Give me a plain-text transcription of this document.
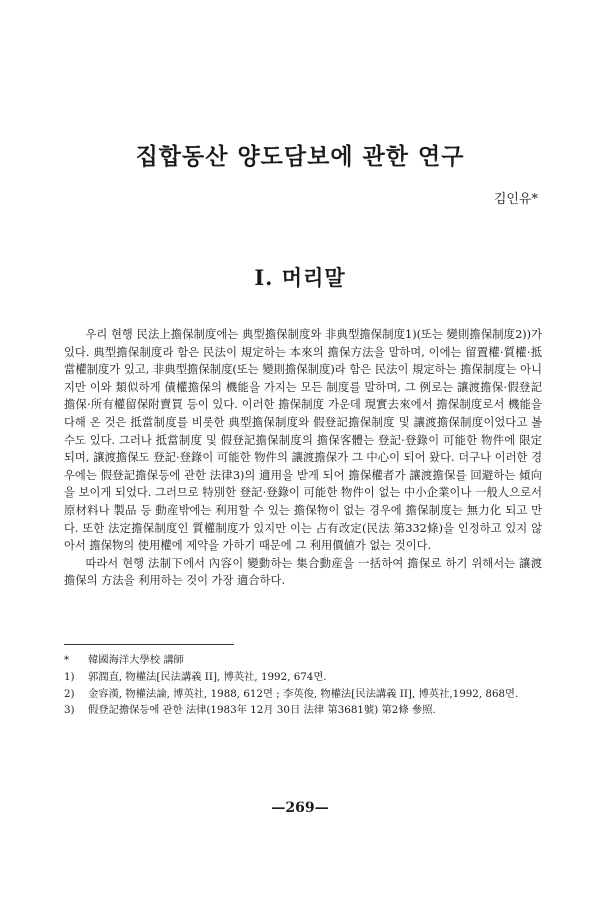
집합동산 양도담보에 관한 연구
김인유*
I. 머리말

우리 현행 民法上擔保制度에는 典型擔保制度와 非典型擔保制度1)(또는 變則擔保制度2))가 있다. 典型擔保制度라 함은 民法이 規定하는 本來의 擔保方法을 말하며, 이에는 留置權·質權·抵當權制度가 있고, 非典型擔保制度(또는 變則擔保制度)라 함은 民法이 規定하는 擔保制度는 아니지만 이와 類似하게 債權擔保의 機能을 가지는 모든 制度를 말하며, 그 例로는 讓渡擔保·假登記擔保·所有權留保附賣買 등이 있다. 이러한 擔保制度 가운데 現實去來에서 擔保制度로서 機能을 다해 온 것은 抵當制度를 비롯한 典型擔保制度와 假登記擔保制度 및 讓渡擔保制度이었다고 볼 수도 있다. 그러나 抵當制度 및 假登記擔保制度의 擔保客體는 登記·登錄이 可能한 物件에 限定되며, 讓渡擔保도 登記·登錄이 可能한 物件의 讓渡擔保가 그 中心이 되어 왔다. 더구나 이러한 경우에는 假登記擔保등에 관한 法律3)의 適用을 받게 되어 擔保權者가 讓渡擔保를 回避하는 傾向을 보이게 되었다. 그러므로 特別한 登記·登錄이 可能한 物件이 없는 中小企業이나 一般人으로서 原材料나 製品 등 動産밖에는 利用할 수 있는 擔保物이 없는 경우에 擔保制度는 無力化 되고 만다. 또한 法定擔保制度인 質權制度가 있지만 이는 占有改定(民法 第332條)을 인정하고 있지 않아서 擔保物의 使用權에 제약을 가하기 때문에 그 利用價値가 없는 것이다.

따라서 현행 法制下에서 內容이 變動하는 集合動産을 一括하여 擔保로 하기 위해서는 讓渡擔保의 方法을 利用하는 것이 가장 適合하다.

* 韓國海洋大學校 講師
1) 郭潤直, 物權法[民法講義 II], 博英社, 1992, 674면.
2) 金容漢, 物權法論, 博英社, 1988, 612면 ; 李英俊, 物權法[民法講義 II], 博英社,1992, 868면.
3) 假登記擔保등에 관한 法律(1983年 12月 30日 法律 第3681號) 第2條 參照.
—269—
